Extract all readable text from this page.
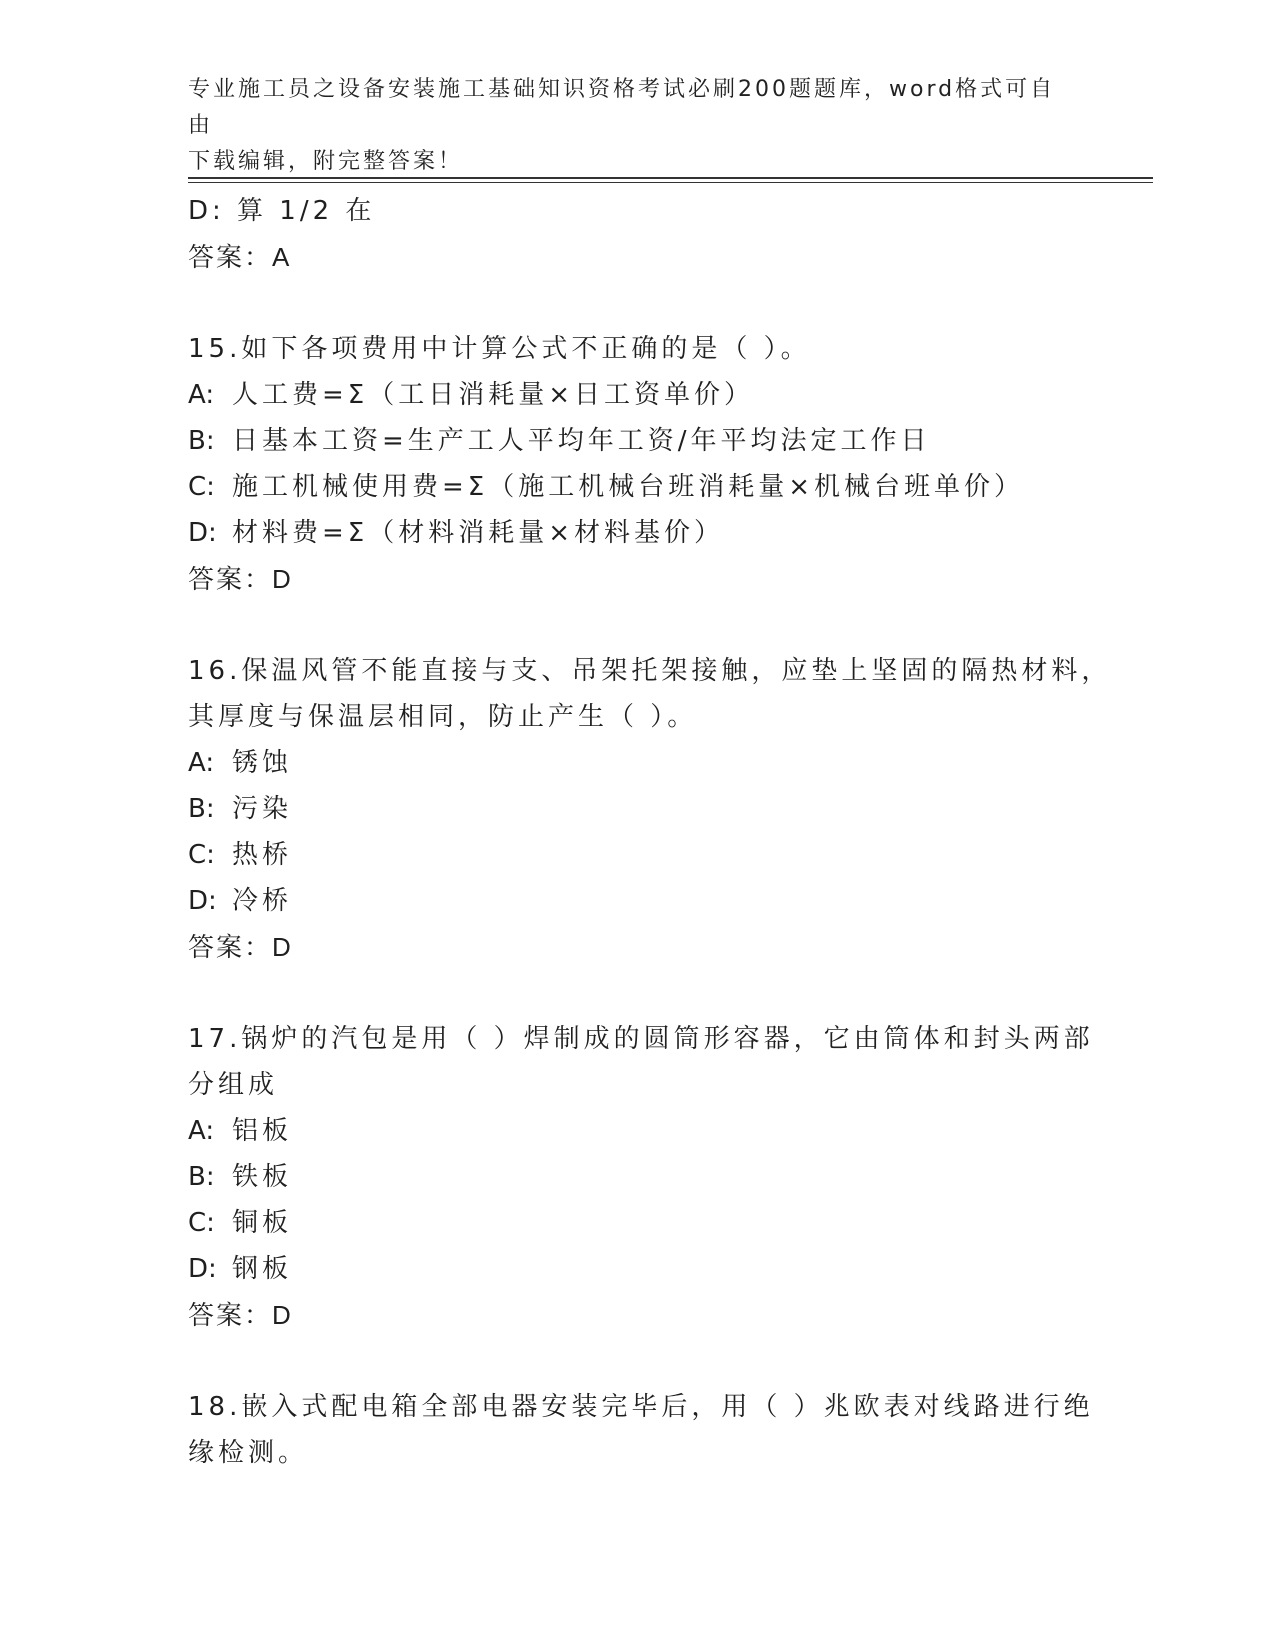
专业施工员之设备安装施工基础知识资格考试必刷200题题库，word格式可自由
下载编辑，附完整答案！
D: 算 1/2 在
答案：A
15.如下各项费用中计算公式不正确的是（ ）。
A: 人工费=Σ（工日消耗量×日工资单价）
B: 日基本工资=生产工人平均年工资/年平均法定工作日
C: 施工机械使用费=Σ（施工机械台班消耗量×机械台班单价）
D: 材料费=Σ（材料消耗量×材料基价）
答案：D
16.保温风管不能直接与支、吊架托架接触，应垫上坚固的隔热材料，
其厚度与保温层相同，防止产生（ ）。
A: 锈蚀
B: 污染
C: 热桥
D: 冷桥
答案：D
17.锅炉的汽包是用（ ）焊制成的圆筒形容器，它由筒体和封头两部
分组成
A: 铝板
B: 铁板
C: 铜板
D: 钢板
答案：D
18.嵌入式配电箱全部电器安装完毕后，用（ ）兆欧表对线路进行绝
缘检测。
